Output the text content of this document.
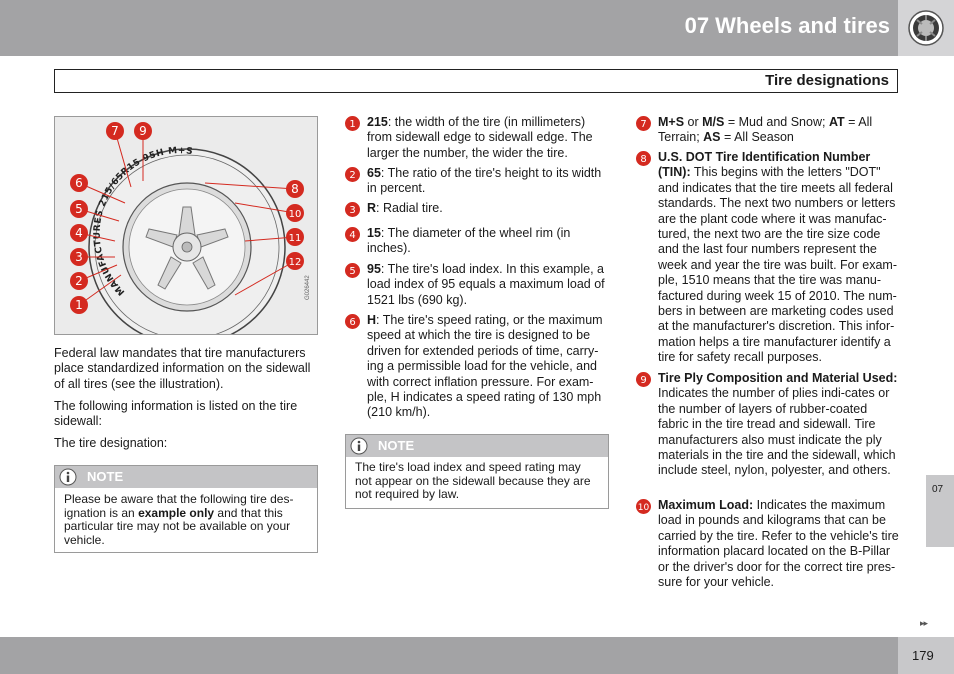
07 Wheels and tires
Tire designations
MANUFACTURES 215/65R15 95H M+S
1
2
3
4
5
6
7
8
9
10
11
12
G026442
Federal law mandates that tire manufacturers place standardized information on the sidewall of all tires (see the illustration).
The following information is listed on the tire sidewall:
The tire designation:
NOTE
Please be aware that the following tire des-ignation is an example only and that this particular tire may not be available on your vehicle.
1 215: the width of the tire (in millimeters) from sidewall edge to sidewall edge. The larger the number, the wider the tire.
2 65: The ratio of the tire's height to its width in percent.
3 R: Radial tire.
4 15: The diameter of the wheel rim (in inches).
5 95: The tire's load index. In this example, a load index of 95 equals a maximum load of 1521 lbs (690 kg).
6 H: The tire's speed rating, or the maximum speed at which the tire is designed to be driven for extended periods of time, carry-ing a permissible load for the vehicle, and with correct inflation pressure. For exam-ple, H indicates a speed rating of 130 mph (210 km/h).
NOTE
The tire's load index and speed rating may not appear on the sidewall because they are not required by law.
7 M+S or M/S = Mud and Snow; AT = All Terrain; AS = All Season
8 U.S. DOT Tire Identification Number (TIN): This begins with the letters "DOT" and indicates that the tire meets all federal standards. The next two numbers or letters are the plant code where it was manufac-tured, the next two are the tire size code and the last four numbers represent the week and year the tire was built. For exam-ple, 1510 means that the tire was manu-factured during week 15 of 2010. The num-bers in between are marketing codes used at the manufacturer's discretion. This infor-mation helps a tire manufacturer identify a tire for safety recall purposes.
9 Tire Ply Composition and Material Used: Indicates the number of plies indi-cates or the number of layers of rubber-coated fabric in the tire tread and sidewall. Tire manufacturers also must indicate the ply materials in the tire and the sidewall, which include steel, nylon, polyester, and others.
10 Maximum Load: Indicates the maximum load in pounds and kilograms that can be carried by the tire. Refer to the vehicle's tire information placard located on the B-Pillar or the driver's door for the correct tire pres-sure for your vehicle.
07
▸▸
179
